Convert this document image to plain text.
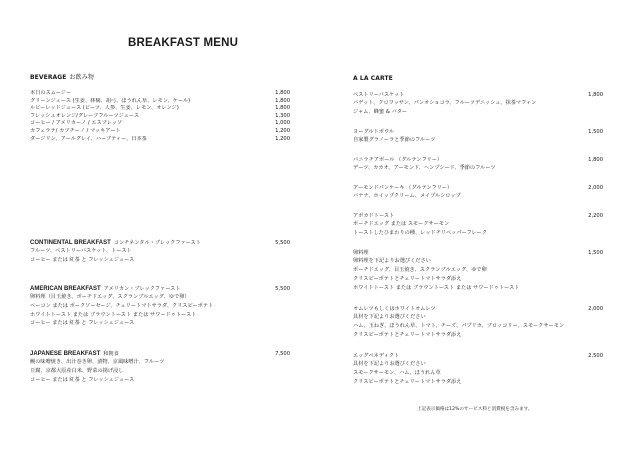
BREAKFAST MENU
BEVERAGE お飲み物
本日のスムージー	1,800
グリーンジュース (生姜、林檎、胡弓、ほうれん草、レモン、ケール)	1,800
ルビーレッドジュース (ビーツ、人参、生姜、レモン、オレンジ)	1,800
フレッシュオレンジ/グレープフルーツジュース	1,300
コーヒー / アメリカーノ / エスプレッソ	1,000
カフェラテ/ カプチーノ / マッキアート	1,200
ダージリン、アールグレイ、ハーブティー、日本茶	1,200
CONTINENTAL BREAKFAST コンチネンタル・ブレックファースト	5,500
フルーツ、ペストリーバスケット、トースト
コーヒー または 紅茶 と フレッシュジュース
AMERICAN BREAKFAST アメリカン・ブレックファースト	5,500
卵料理（目玉焼き、ポーチドエッグ、スクランブルエッグ、ゆで卵）
ベーコン または ポークソーセージ、チェリートマトサラダ、クリスピーポテト
ホワイトトースト または ブラウントースト または サワードゥトースト
コーヒー または 紅茶 と フレッシュジュース
JAPANESE BREAKFAST 和朝食	7,500
鰻の味噌焼き、出汁巻き卵、漬物、京風味噌汁、フルーツ
豆腐、京都大原産白米、野菜の揚げ浸し
コーヒー または 紅茶 と フレッシュジュース
A LA CARTE
ペストリーバスケット	1,800
バゲット、クロワッサン、パンオショコラ、フルーツデニッシュ、抹茶マフィン
ジャム、蜂蜜 & バター
ヨーグルトボウル	1,500
自家製グラノーラと季節のフルーツ
バニラチアボール （グルテンフリー）	1,800
デーツ、カカオ、アーモンド、ヘンプシード、季節のフルーツ
アーモンドパンケーキ （グルテンフリー）	2,000
バナナ、ホイップクリーム、メイプルシロップ
アボカドトースト	2,200
ポーチドエッグ または スモークサーモン
トーストしたひまわりの種、レッドチリペッパーフレーク
卵料理	1,500
卵料理を下記よりお選びください
ポーチドエッグ、目玉焼き、スクランブルエッグ、ゆで卵
クリスピーポテトとチェリートマトサラダ添え
ホワイトトースト または ブラウントースト または サワードゥトースト
オムレツもしくはホワイトオムレツ	2,000
具材を下記よりお選びください
ハム、玉ねぎ、ほうれん草、トマト、チーズ、パプリカ、ブロッコリー、スモークサーモン
クリスピーポテトとチェリートマトサラダ添え
エッグベネディクト	2,500
具材を下記よりお選びください
スモークサーモン、ハム、ほうれん草
クリスピーポテトとチェリートマトサラダ添え
上記表示価格は12%のサービス料と消費税を含みます。
